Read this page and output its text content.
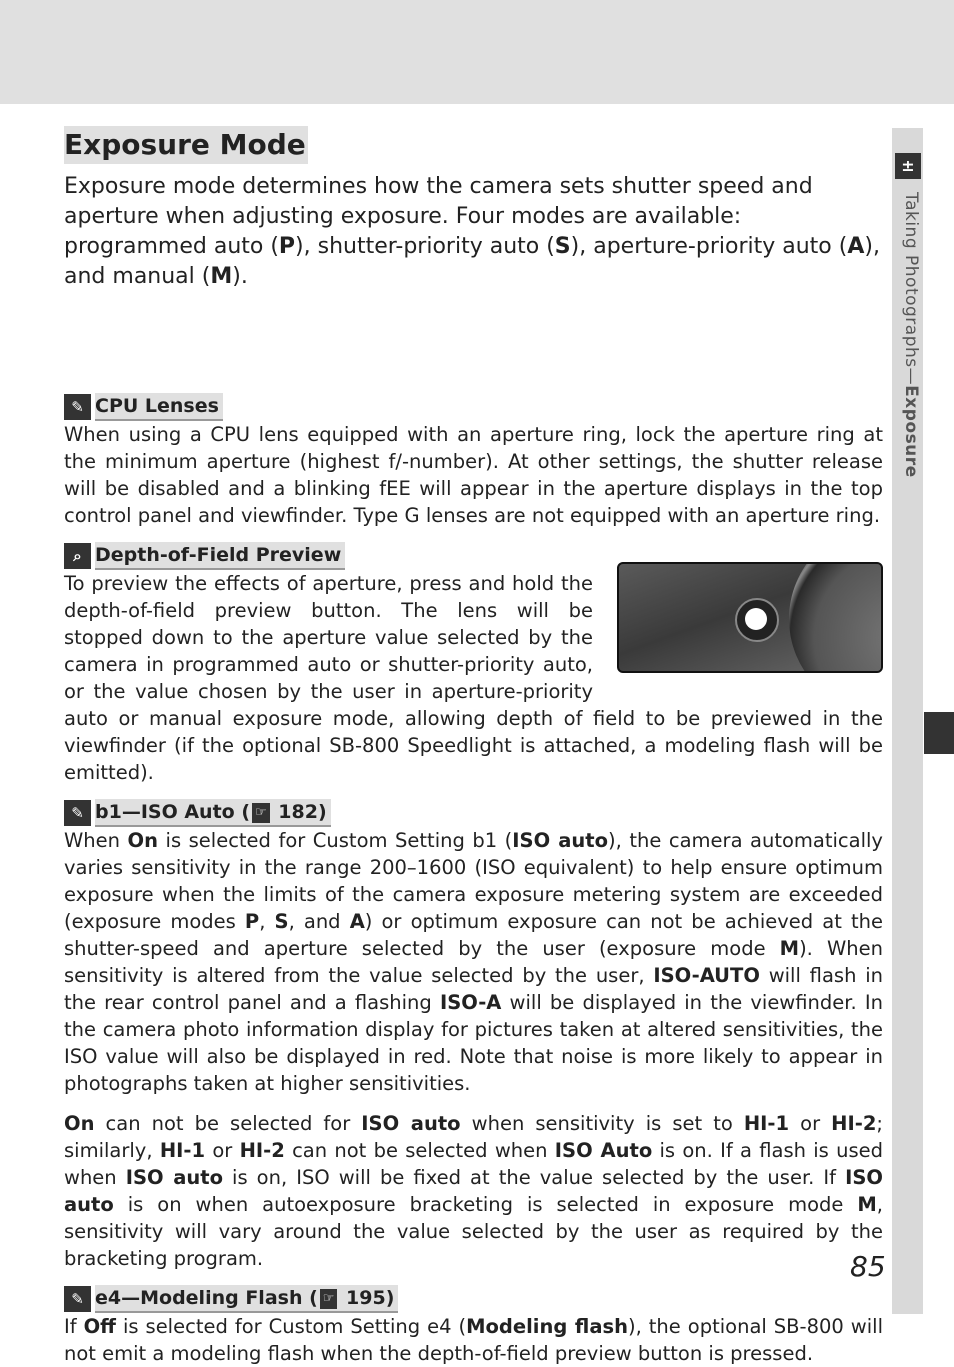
±
Taking Photographs—Exposure
Exposure Mode

Exposure mode determines how the camera sets shutter speed and aperture when adjusting exposure. Four modes are available: programmed auto (P), shutter-priority auto (S), aperture-priority auto (A), and manual (M).

✎ CPU Lenses

When using a CPU lens equipped with an aperture ring, lock the aperture ring at the minimum aperture (highest f/-number). At other settings, the shutter release will be disabled and a blinking fEE will appear in the aperture displays in the top control panel and viewfinder. Type G lenses are not equipped with an aperture ring.

⌕ Depth-of-Field Preview

To preview the effects of aperture, press and hold the depth-of-field preview button. The lens will be stopped down to the aperture value selected by the camera in programmed auto or shutter-priority auto, or the value chosen by the user in aperture-priority auto or manual exposure mode, allowing depth of field to be previewed in the viewfinder (if the optional SB-800 Speedlight is attached, a modeling flash will be emitted).

✎ b1—ISO Auto ( ☞ 182)

When On is selected for Custom Setting b1 (ISO auto), the camera automatically varies sensitivity in the range 200–1600 (ISO equivalent) to help ensure optimum exposure when the limits of the camera exposure metering system are exceeded (exposure modes P, S, and A) or optimum exposure can not be achieved at the shutter-speed and aperture selected by the user (exposure mode M). When sensitivity is altered from the value selected by the user, ISO-AUTO will flash in the rear control panel and a flashing ISO-A will be displayed in the viewfinder. In the camera photo information display for pictures taken at altered sensitivities, the ISO value will also be displayed in red. Note that noise is more likely to appear in photographs taken at higher sensitivities.

On can not be selected for ISO auto when sensitivity is set to HI-1 or HI-2; similarly, HI-1 or HI-2 can not be selected when ISO Auto is on. If a flash is used when ISO auto is on, ISO will be fixed at the value selected by the user. If ISO auto is on when autoexposure bracketing is selected in exposure mode M, sensitivity will vary around the value selected by the user as required by the bracketing program.

✎ e4—Modeling Flash ( ☞ 195)

If Off is selected for Custom Setting e4 (Modeling flash), the optional SB-800 will not emit a modeling flash when the depth-of-field preview button is pressed.

85
